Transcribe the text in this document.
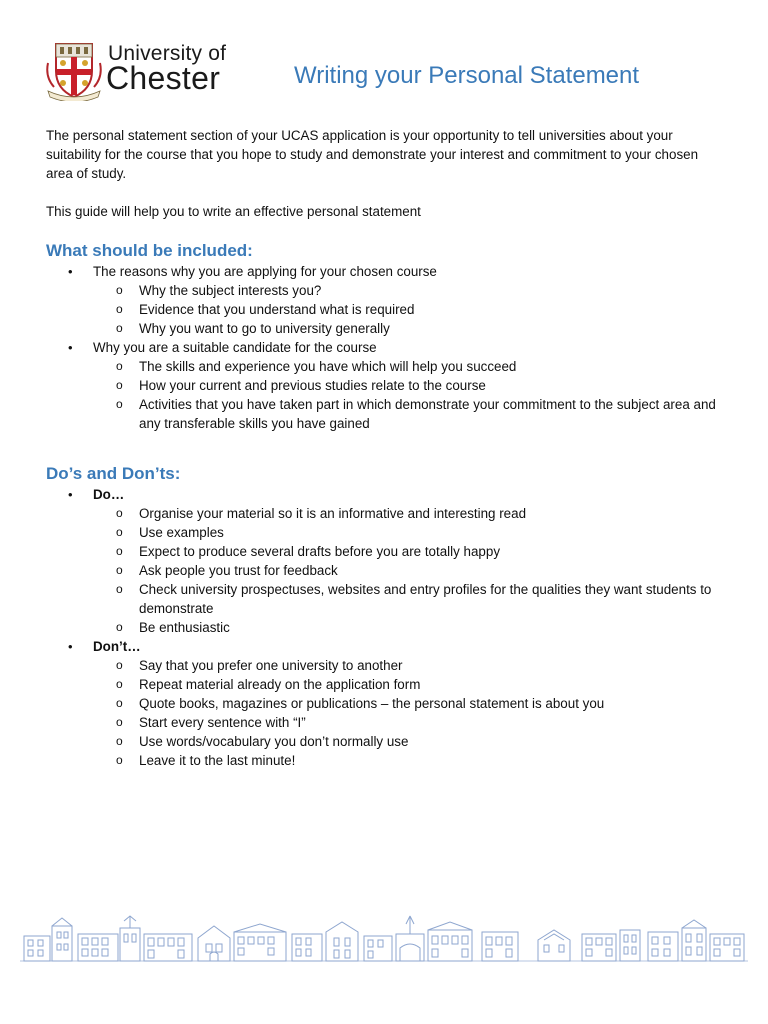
University of
Chester	Writing your Personal Statement

The personal statement section of your UCAS application is your opportunity to tell universities about your suitability for the course that you hope to study and demonstrate your interest and commitment to your chosen area of study.

This guide will help you to write an effective personal statement

What should be included:
• The reasons why you are applying for your chosen course
o Why the subject interests you?
o Evidence that you understand what is required
o Why you want to go to university generally
• Why you are a suitable candidate for the course
o The skills and experience you have which will help you succeed
o How your current and previous studies relate to the course
o Activities that you have taken part in which demonstrate your commitment to the subject area and any transferable skills you have gained
Do’s and Don’ts:
• Do…
o Organise your material so it is an informative and interesting read
o Use examples
o Expect to produce several drafts before you are totally happy
o Ask people you trust for feedback
o Check university prospectuses, websites and entry profiles for the qualities they want students to demonstrate
o Be enthusiastic
• Don’t…
o Say that you prefer one university to another
o Repeat material already on the application form
o Quote books, magazines or publications – the personal statement is about you
o Start every sentence with “I”
o Use words/vocabulary you don’t normally use
o Leave it to the last minute!
